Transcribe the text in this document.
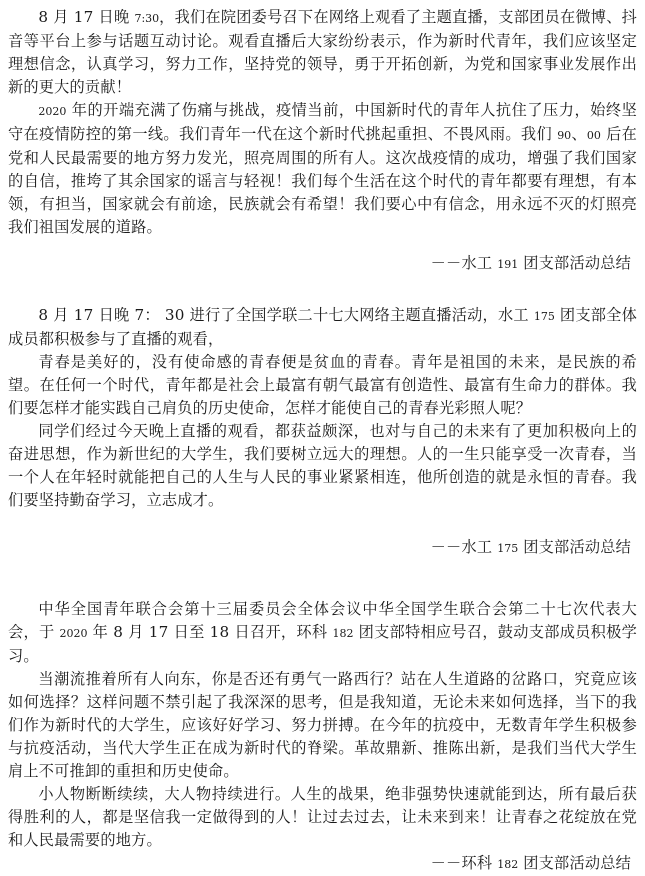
8 月 17 日晚 7:30，我们在院团委号召下在网络上观看了主题直播，支部团员在微博、抖音等平台上参与话题互动讨论。观看直播后大家纷纷表示，作为新时代青年，我们应该坚定理想信念，认真学习，努力工作，坚持党的领导，勇于开拓创新，为党和国家事业发展作出新的更大的贡献！

2020 年的开端充满了伤痛与挑战，疫情当前，中国新时代的青年人抗住了压力，始终坚守在疫情防控的第一线。我们青年一代在这个新时代挑起重担、不畏风雨。我们 90、00 后在党和人民最需要的地方努力发光，照亮周围的所有人。这次战疫情的成功，增强了我们国家的自信，推垮了其余国家的谣言与轻视！我们每个生活在这个时代的青年都要有理想，有本领，有担当，国家就会有前途，民族就会有希望！我们要心中有信念，用永远不灭的灯照亮我们祖国发展的道路。

－－水工 191 团支部活动总结

8 月 17 日晚 7： 30 进行了全国学联二十七大网络主题直播活动，水工 175 团支部全体成员都积极参与了直播的观看，

青春是美好的，没有使命感的青春便是贫血的青春。青年是祖国的未来，是民族的希望。在任何一个时代，青年都是社会上最富有朝气最富有创造性、最富有生命力的群体。我们要怎样才能实践自己肩负的历史使命，怎样才能使自己的青春光彩照人呢？

同学们经过今天晚上直播的观看，都获益颇深，也对与自己的未来有了更加积极向上的奋进思想，作为新世纪的大学生，我们要树立远大的理想。人的一生只能享受一次青春，当一个人在年轻时就能把自己的人生与人民的事业紧紧相连，他所创造的就是永恒的青春。我们要坚持勤奋学习，立志成才。

－－水工 175 团支部活动总结

中华全国青年联合会第十三届委员会全体会议中华全国学生联合会第二十七次代表大会，于 2020 年 8 月 17 日至 18 日召开，环科 182 团支部特相应号召，鼓动支部成员积极学习。

当潮流推着所有人向东，你是否还有勇气一路西行？站在人生道路的岔路口，究竟应该如何选择？这样问题不禁引起了我深深的思考，但是我知道，无论未来如何选择，当下的我们作为新时代的大学生，应该好好学习、努力拼搏。在今年的抗疫中，无数青年学生积极参与抗疫活动，当代大学生正在成为新时代的脊梁。革故鼎新、推陈出新，是我们当代大学生肩上不可推卸的重担和历史使命。

小人物断断续续，大人物持续进行。人生的战果，绝非强势快速就能到达，所有最后获得胜利的人，都是坚信我一定做得到的人！让过去过去，让未来到来！让青春之花绽放在党和人民最需要的地方。

－－环科 182 团支部活动总结
